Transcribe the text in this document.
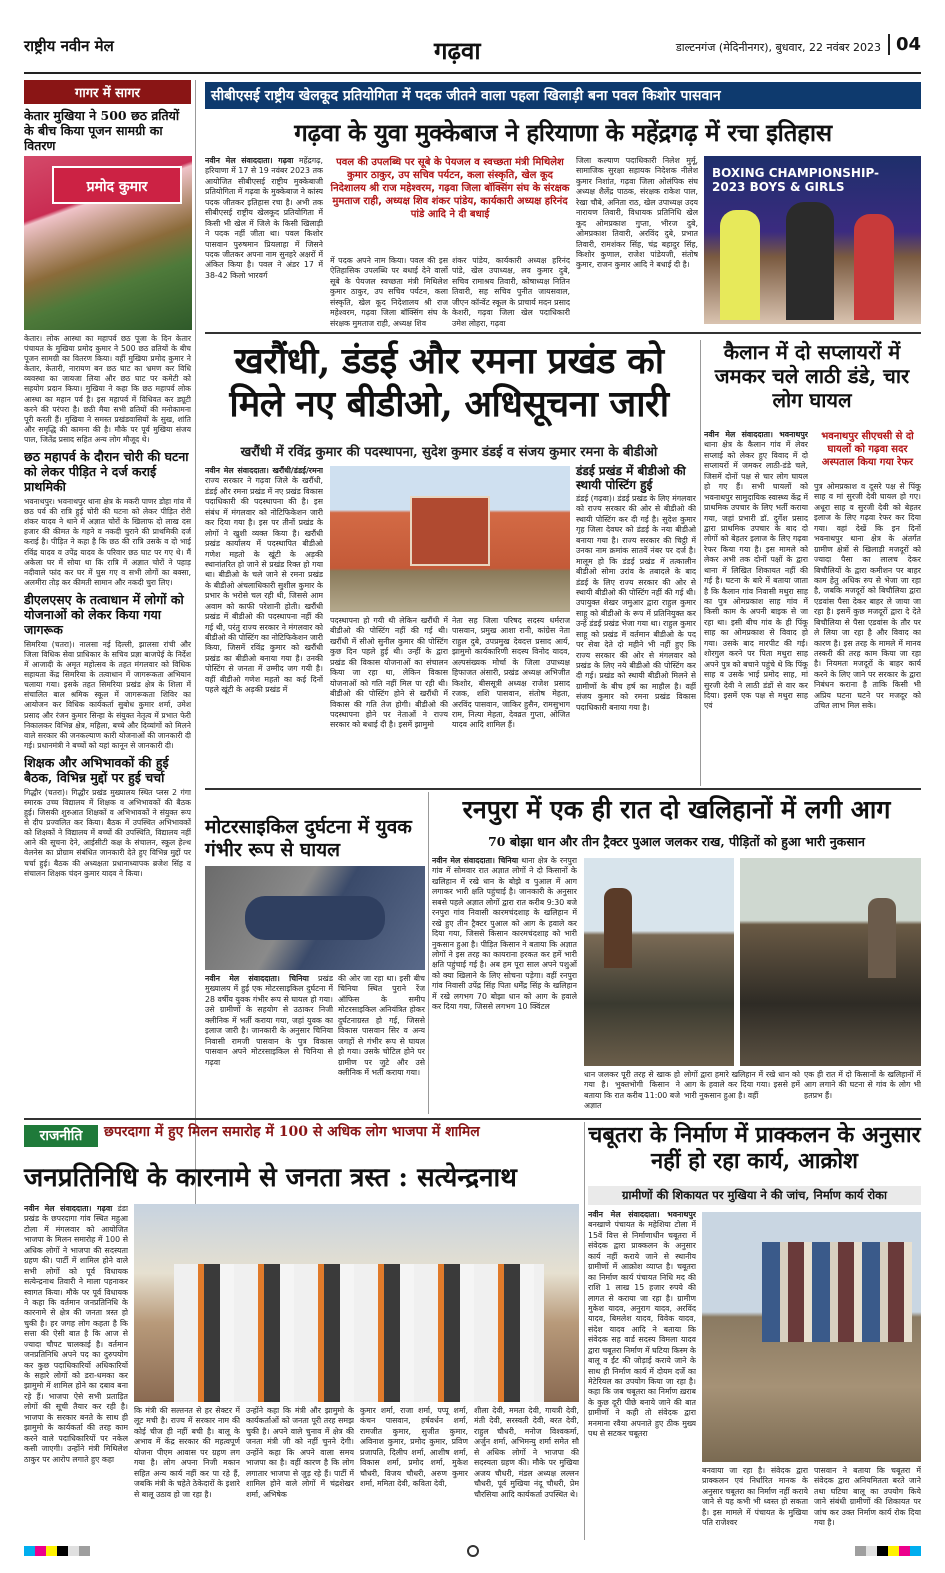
राष्ट्रीय नवीन मेल	गढ़वा	डाल्टनगंज (मेदिनीनगर), बुधवार, 22 नवंबर 2023 04
गागर में सागर
केतार मुखिया ने 500 छठ व्रतियों के बीच किया पूजन सामग्री का वितरण
प्रमोद कुमार
केतार। लोक आस्था का महापर्व छठ पूजा के दिन केतार पंचायत के मुखिया प्रमोद कुमार ने 500 छठ व्रतियों के बीच पूजन सामग्री का वितरण किया। वहीं मुखिया प्रमोद कुमार ने केतार, केतारी, नारायण बन छठ घाट का भ्रमण कर विधि व्यवस्था का जायजा लिया और छठ घाट पर कमेटी को सहयोग प्रदान किया। मुखिया ने कहा कि छठ महापर्व लोक आस्था का महान पर्व है। इस महापर्व में विधिवत कर ड्यूटी करने की परंपरा है। छठी मैया सभी व्रतियों की मनोकामना पूरी करती हैं। मुखिया ने समस्त प्रखंडवासियों के सुख, शांति और समृद्धि की कामना की है। मौके पर पूर्व मुखिया संजय पाल, जितेंद्र प्रसाद सहित अन्य लोग मौजूद थे।
छठ महापर्व के दौरान चोरी की घटना को लेकर पीड़ित ने दर्ज कराई प्राथमिकी
भवनाथपुर। भवनाथपुर थाना क्षेत्र के मकरी पाणर डोहा गांव में छठ पर्व की रात्रि हुई चोरी की घटना को लेकर पीड़ित रोरी शंकर यादव ने थाने में अज्ञात चोरों के खिलाफ दो लाख दस हजार की कीमत के गहने व नकदी चुराने की प्राथमिकी दर्ज कराई है। पीड़ित ने कहा है कि छठ की रात्रि उसके व दो भाई रविंद्र यादव व उपेंद्र यादव के परिवार छठ घाट पर गए थे। मैं अकेला घर में सोया था कि रात्रि में अज्ञात चोरों ने पहाड़ नदीवाले फांद कर घर में घुस गए व सभी लोगों का बक्सा, अलमीरा तोड़ कर कीमती सामान और नकदी चुरा लिए।
डीएलएसए के तत्वाधान में लोगों को योजनाओं को लेकर किया गया जागरूक
सिमरिया (चतरा)। नालसा नई दिल्ली, झालसा रांची और जिला विधिक सेवा प्राधिकार के सचिव प्रज्ञा बाजपेई के निर्देश में आजादी के अमृत महोत्सव के तहत मंगलवार को विधिक सहायता केंद्र सिमरिया के तत्वाधान में जागरूकता अभियान चलाया गया। इसके तहत सिमरिया प्रखंड क्षेत्र के शिला में संचालित बाल श्रमिक स्कूल में जागरूकता शिविर का आयोजन कर विधिक कार्यकर्ता सुबोध कुमार शर्मा, उमेश प्रसाद और रंजन कुमार सिन्हा के संयुक्त नेतृत्व में प्रभात फेरी निकालकर विभिन्न क्षेत्र, महिला, बच्चे और दिव्यांगों को मिलने वाले सरकार की जनकल्याण कारी योजनाओं की जानकारी दी गई। प्रधानमंत्री ने बच्चों को यहां कानून से जानकारी दी।
शिक्षक और अभिभावकों की हुई बैठक, विभिन्न मुद्दों पर हुई चर्चा
गिद्धौर (चतरा)। गिद्धौर प्रखंड मुख्यालय स्थित प्लस 2 गंगा स्मारक उच्च विद्यालय में शिक्षक व अभिभावकों की बैठक हुई। जिसकी शुरुआत शिक्षकों व अभिभावकों ने संयुक्त रूप से दीप प्रज्वलित कर किया। बैठक में उपस्थित अभिभावकों को शिक्षकों ने विद्यालय में बच्चों की उपस्थिति, विद्यालय नहीं आने की सूचना देने, आईसीटी कक्ष के संचालन, स्कूल हेल्थ वेलनेस का प्रोग्राम संबंधित जानकारी देते हुए विभिन्न मुद्दों पर चर्चा हुई। बैठक की अध्यक्षता प्रधानाध्यापक ब्रजेश सिंह व संचालन शिक्षक चंदन कुमार यादव ने किया।
सीबीएसई राष्ट्रीय खेलकूद प्रतियोगिता में पदक जीतने वाला पहला खिलाड़ी बना पवल किशोर पासवान
गढ़वा के युवा मुक्केबाज ने हरियाणा के महेंद्रगढ़ में रचा इतिहास
नवीन मेल संवाददाता। गढ़वा महेंद्रगढ़, हरियाणा में 17 से 19 नवंबर 2023 तक आयोजित सीबीएसई राष्ट्रीय मुक्केबाजी प्रतियोगिता में गढ़वा के मुक्केबाज ने कांस्य पदक जीतकर इतिहास रचा है। अभी तक सीबीएसई राष्ट्रीय खेलकूद प्रतियोगिता में किसी भी खेल में जिले के किसी खिलाड़ी ने पदक नहीं जीता था। पवल किशोर पासवान पुरुषमान प्रियलाहा में जिसने पदक जीतकर अपना नाम सुनहरे अक्षरों में अंकित किया है। पवल ने अंडर 17 में 38-42 किलो भारवर्ग
पवल की उपलब्धि पर सूबे के पेयजल व स्वच्छता मंत्री मिथिलेश कुमार ठाकुर, उप सचिव पर्यटन, कला संस्कृति, खेल कूद निदेशालय श्री राज महेश्वरम, गढ़वा जिला बॉक्सिंग संघ के संरक्षक मुमताज राही, अध्यक्ष शिव शंकर पांडेय, कार्यकारी अध्यक्ष हरिनंद पांडे आदि ने दी बधाई
में पदक अपने नाम किया। पवल की इस ऐतिहासिक उपलब्धि पर बधाई देने वालों सूबे के पेयजल स्वच्छता मंत्री मिथिलेश कुमार ठाकुर, उप सचिव पर्यटन, कला संस्कृति, खेल कूद निदेशालय श्री राज महेश्वरम, गढ़वा जिला बॉक्सिंग संघ के संरक्षक मुमताज राही, अध्यक्ष शिव
शंकर पांडेय, कार्यकारी अध्यक्ष हरिनंद पांडे, खेल उपाध्यक्ष, लव कुमार दुबे, सचिव रामाश्रय तिवारी, कोषाध्यक्ष नितिन तिवारी, सह सचिव पुनीत जायसवाल, जीएन कॉन्वेंट स्कूल के प्राचार्य मदन प्रसाद केशरी, गढ़वा जिला खेल पदाधिकारी उमेश लोहरा, गढ़वा
जिला कल्याण पदाधिकारी निलेश मुर्मू, सामाजिक सुरक्षा सहायक निदेशक नीलेश कुमार निशांत, गढ़वा जिला ओलंपिक संघ अध्यक्ष शैलेंद्र पाठक, संरक्षक राकेश पाल, रेखा चौबे, अनिता राठ, खेल उपाध्यक्ष उदय नारायण तिवारी, विधायक प्रतिनिधि खेल कूद ओमप्रकाश गुप्ता, भीरज दुबे, ओमप्रकाश तिवारी, अरविंद दुबे, प्रभात तिवारी, रामशंकर सिंह, चंद्र बहादुर सिंह, किशोर कुणाल, राजेश पांडेयजी, संतोष कुमार, राजन कुमार आदि ने बधाई दी है।
BOXING CHAMPIONSHIP-2023 BOYS & GIRLS
खरौंधी, डंडई और रमना प्रखंड को मिले नए बीडीओ, अधिसूचना जारी
खरौंधी में रविंद्र कुमार की पदस्थापना, सुदेश कुमार डंडई व संजय कुमार रमना के बीडीओ
नवीन मेल संवाददाता। खरौंधी/डंडई/रमना राज्य सरकार ने गढ़वा जिले के खरौंधी, डंडई और रमना प्रखंड में नए प्रखंड विकास पदाधिकारी की पदस्थापना की है। इस संबंध में मंगलवार को नोटिफिकेशन जारी कर दिया गया है। इस पर तीनों प्रखंड के लोगों ने खुशी व्यक्त किया है। खरौंधी प्रखंड कार्यालय में पदस्थापित बीडीओ गणेश महतो के खूंटी के अड़की स्थानांतरित हो जाने से प्रखंड रिक्त हो गया था। बीडीओ के चले जाने से रमना प्रखंड के बीडीओ अंचलाधिकारी सुशील कुमार के प्रभार के भरोसे चल रही थी, जिससे आम अवाम को काफी परेशानी होती। खरौंधी प्रखंड में बीडीओ की पदस्थापना नहीं की गई थी, परंतु राज्य सरकार ने मंगलवार को बीडीओ की पोस्टिंग का नोटिफिकेशन जारी किया, जिसमें रविंद्र कुमार को खरौंधी प्रखंड का बीडीओ बनाया गया है। उनकी पोस्टिंग से जनता में उम्मीद जग गयी है। वहीं बीडीओ गणेश महतो का कई दिनों पहले खूंटी के अड़की प्रखंड में
पदस्थापना हो गयी थी लेकिन खरौंधी में बीडीओ की पोस्टिंग नहीं की गई थी। खरौंधी में सीओ सुनील कुमार की पोस्टिंग कुछ दिन पहले हुई थी। उन्हीं के द्वारा प्रखंड की विकास योजनाओं का संचालन किया जा रहा था, लेकिन विकास योजनाओं को गति नहीं मिल पा रही थी। बीडीओ की पोस्टिंग होने से खरौंधी में विकास की गति तेज होगी। बीडीओ की पदस्थापना होने पर नेताओं ने राज्य सरकार को बधाई दी है। इसमें झामुमो
नेता सह जिला परिषद सदस्य धर्मराज पासवान, प्रमुख आशा रानी, कांग्रेस नेता राहुल दुबे, उपप्रमुख देवदत्त प्रसाद आर्य, झामुमो कार्यकारिणी सदस्य विनोद यादव, अल्पसंख्यक मोर्चा के जिला उपाध्यक्ष हिफाजत अंसारी, प्रखंड अध्यक्ष अभिजीत किशोर, बीससूत्री अध्यक्ष राजेश प्रसाद रजक, शशि पासवान, संतोष मेहता, अरविंद पासवान, जाकिर हुसैन, रामसुभाग राम, नित्या मेहता, देवव्रत गुप्ता, ओजित यादव आदि शामिल हैं।
डंडई प्रखंड में बीडीओ की स्थायी पोस्टिंग हुई
डंडई (गढ़वा)। डंडई प्रखंड के लिए मंगलवार को राज्य सरकार की ओर से बीडीओ की स्थायी पोस्टिंग कर दी गई है। सुदेश कुमार गृह जिला देवघर को डंडई के नया बीडीओ बनाया गया है। राज्य सरकार की चिट्ठी में उनका नाम क्रमांक सातवें नंबर पर दर्ज है। मालूम हो कि डंडई प्रखंड में तत्कालीन बीडीओ सोमा उरांव के तबादले के बाद डंडई के लिए राज्य सरकार की ओर से स्थायी बीडीओ की पोस्टिंग नहीं की गई थी। उपायुक्त शेखर जमुआर द्वारा राहुल कुमार साहू को बीडीओ के रूप में प्रतिनियुक्त कर उन्हें डंडई प्रखंड भेजा गया था। राहुल कुमार साहू को प्रखंड में वर्तमान बीडीओ के पद पर सेवा देते दो महीने भी नहीं हुए कि राज्य सरकार की ओर से मंगलवार को प्रखंड के लिए नये बीडीओ की पोस्टिंग कर दी गई। प्रखंड को स्थायी बीडीओ मिलने से ग्रामीणों के बीच हर्ष का माहौल है। वहीं संजय कुमार को रमना प्रखंड विकास पदाधिकारी बनाया गया है।
कैलान में दो सप्लायरों में जमकर चले लाठी डंडे, चार लोग घायल
नवीन मेल संवाददाता। भवनाथपुर थाना क्षेत्र के कैलान गांव में लेवर सप्लाई को लेकर हुए विवाद में दो सप्लायरों में जमकर लाठी-डंडे चले, जिसमें दोनों पक्ष से चार लोग घायल हो गए हैं। सभी घायलों को भवनाथपुर सामुदायिक स्वास्थ्य केंद्र में प्राथमिक उपचार के लिए भर्ती कराया गया, जहां प्रभारी डॉ. दुर्गेश प्रसाद द्वारा प्राथमिक उपचार के बाद दो लोगों को बेहतर इलाज के लिए गढ़वा रेफर किया गया है। इस मामले को लेकर अभी तक दोनों पक्षों के द्वारा थाना में लिखित शिकायत नहीं की गई है। घटना के बारे में बताया जाता है कि कैलान गांव निवासी मथुरा साह का पुत्र ओमप्रकाश साह गांव में किसी काम के अपनी बाइक से जा रहा था। इसी बीच गांव के ही पिंकू साह का ओमप्रकाश से विवाद हो गया। उसके बाद मारपीट की गई। शोरगुल करने पर पिता मथुरा साह अपने पुत्र को बचाने पहुंचे थे कि पिंकू साह व उसके भाई प्रमोद साह, मां सुरजी देवी ने लाठी डंडों से वार कर दिया। इसमें एक पक्ष से मथुरा साह एवं
भवनाथपुर सीएचसी से दो घायलों को गढ़वा सदर अस्पताल किया गया रेफर
पुत्र ओमप्रकाश व दूसरे पक्ष से पिंकू साह व मां सुरजी देवी घायल हो गए। अधूरा साह व सुरजी देवी को बेहतर इलाज के लिए गढ़वा रेफर कर दिया गया। वहां देखें कि इन दिनों भवनाथपुर थाना क्षेत्र के अंतर्गत ग्रामीण क्षेत्रों से खिलाड़ी मजदूरों को ज्यादा पैसा का लालच देकर बिचौलियों के द्वारा कमीशन पर बाहर काम हेतु अधिक रुप से भेजा जा रहा है, जबकि मजदूरों को बिचौलिया द्वारा एडवांस पैसा देकर बाहर ले जाया जा रहा है। इसमें कुछ मजदूरों द्वारा दे देते बिचौलिया से पैसा एडवांस के तौर पर ले लिया जा रहा है और विवाद का कारण है। इस तरह के मामले में मानव तस्करी की तरह काम किया जा रहा है। नियमतः मजदूरों के बाहर कार्य करने के लिए जाने पर सरकार के द्वारा निबंधन कराना है ताकि किसी भी अप्रिय घटना घटने पर मजदूर को उचित लाभ मिल सके।
मोटरसाइकिल दुर्घटना में युवक गंभीर रूप से घायल
नवीन मेल संवाददाता। चिनिया प्रखंड मुख्यालय में हुई एक मोटरसाइकिल दुर्घटना में 28 वर्षीय युवक गंभीर रूप से घायल हो गया। उसे ग्रामीणों के सहयोग से उठाकर निजी क्लीनिक में भर्ती कराया गया, जहां युवक का इलाज जारी है। जानकारी के अनुसार चिनिया निवासी रामजी पासवान के पुत्र विकास पासवान अपने मोटरसाइकिल से चिनिया से गढ़वा
की ओर जा रहा था। इसी बीच चिनिया स्थित पुराने रेंज ऑफिस के समीप मोटरसाइकिल अनियंत्रित होकर दुर्घटनाग्रस्त हो गई, जिससे विकास पासवान सिर व अन्य जगहों से गंभीर रूप से घायल हो गया। उसके चोटिल होने पर ग्रामीण पर जुटे और उसे क्लीनिक में भर्ती कराया गया।
रनपुरा में एक ही रात दो खलिहानों में लगी आग
70 बोझा धान और तीन ट्रैक्टर पुआल जलकर राख, पीड़ितों को हुआ भारी नुकसान
नवीन मेल संवाददाता। चिनिया थाना क्षेत्र के रनपुरा गांव में सोमवार रात अज्ञात लोगों ने दो किसानों के खलिहान में रखे धान के बोझे व पुआल में आग लगाकर भारी क्षति पहुंचाई है। जानकारी के अनुसार सबसे पहले अज्ञात लोगों द्वारा रात करीब 9:30 बजे रनपुरा गांव निवासी कारमचंदशाह के खलिहान में रखे हुए तीन ट्रैक्टर पुआल को आग के हवाले कर दिया गया, जिससे किसान कारमचंदशाह को भारी नुकसान हुआ है। पीड़ित किसान ने बताया कि अज्ञात लोगों ने इस तरह का कायराना हरकत कर हमें भारी क्षति पहुंचाई गई है। अब हम पूरा साल अपने पशुओं को क्या खिलाने के लिए सोचना पड़ेगा। वहीं रनपुरा गांव निवासी उपेंद्र सिंह पिता धर्मेंद्र सिंह के खलिहान में रखे लगभग 70 बोझा धान को आग के हवाले कर दिया गया, जिससे लगभग 10 क्विंटल
धान जलकर पूरी तरह से खाक हो गया है। भुक्तभोगी किसान ने बताया कि रात करीब 11:00 बजे अज्ञात
लोगों द्वारा हमारे खलिहान में रखे धान को आग के हवाले कर दिया गया। इससे हमें भारी नुकसान हुआ है। वहीं
एक ही रात में दो किसानों के खलिहानों में आग लगाने की घटना से गांव के लोग भी हतप्रभ हैं।
राजनीति	छपरदागा में हुए मिलन समारोह में 100 से अधिक लोग भाजपा में शामिल
जनप्रतिनिधि के कारनामे से जनता त्रस्त : सत्येन्द्रनाथ
नवीन मेल संवाददाता। गढ़वा डंडा प्रखंड के छपरदागा गांव स्थित महुआ टोला में मंगलवार को आयोजित भाजपा के मिलन समारोह में 100 से अधिक लोगों ने भाजपा की सदस्यता ग्रहण की। पार्टी में शामिल होने वाले सभी लोगों को पूर्व विधायक सत्येन्द्रनाथ तिवारी ने माला पहनाकर स्वागत किया। मौके पर पूर्व विधायक ने कहा कि वर्तमान जनप्रतिनिधि के कारनामे से क्षेत्र की जनता त्रस्त हो चुकी है। हर जगह लोग कहता है कि सत्ता की ऐसी बात है कि आज से ज्यादा चौपट चालकाई है। वर्तमान जनप्रतिनिधि अपने पद का दुरुपयोग कर कुछ पदाधिकारियों अधिकारियों के सहारे लोगों को डरा-धमका कर झामुमो में शामिल होने का दबाव बना रहे हैं। भाजपा ऐसे सभी प्रताड़ित लोगों की सूची तैयार कर रही है। भाजपा के सरकार बनते के साथ ही झामुमो के कार्यकर्ता की तरह काम करने वाले पदाधिकारियों पर नकेल कसी जाएगी। उन्होंने मंत्री मिथिलेश ठाकुर पर आरोप लगाते हुए कहा
कि मंत्री की सल्तनत से हर सेक्टर में लूट मची है। राज्य में सरकार नाम की कोई चीज ही नहीं बची है। बालू के अभाव में केंद्र सरकार की महत्वपूर्ण योजना पीएम आवास पर ग्रहण लग गया है। लोग अपना निजी मकान सहित अन्य कार्य नहीं कर पा रहे हैं, जबकि मंत्री के चहेते ठेकेदारों के इशारे से बालू उठाव हो जा रहा है।
उन्होंने कहा कि मंत्री और झामुमो के कार्यकर्ताओं को जनता पूरी तरह समझ चुकी है। अपने वाले चुनाव में क्षेत्र की जनता मंत्री जी को नहीं चुनने देगी। उन्होंने कहा कि अपने वाला समय भाजपा का है। वहीं कारण है कि लोग लगातार भाजपा से जुड़ रहे हैं। पार्टी में शामिल होने वाले लोगों में चंद्रशेखर शर्मा, अभिषेक
कुमार शर्मा, राजा शर्मा, पप्पू शर्मा, कंचन पासवान, हर्षवर्धन शर्मा, रामजीत कुमार, सुजीत कुमार, अविनाश कुमार, प्रमोद कुमार, प्रविण प्रजापति, दिलीप शर्मा, आशीष शर्मा, विकास शर्मा, प्रमोद शर्मा, मुकेश चौधरी, विजय चौधरी, अरुण कुमार शर्मा, ममिता देवी, कविता देवी,
शीला देवी, ममता देवी, गायत्री देवी, मंती देवी, सरस्वती देवी, बरत देवी, राहुल चौधरी, मनोज विश्वकर्मा, अर्जुन शर्मा, अभिमन्यु शर्मा समेत सौ से अधिक लोगों ने भाजपा की सदस्यता ग्रहण की। मौके पर मुखिया अजय चौधरी, मंडल अध्यक्ष लल्लन चौधरी, पूर्व मुखिया नंदू चौधरी, प्रेम चौरसिया आदि कार्यकर्ता उपस्थित थे।
चबूतरा के निर्माण में प्राक्कलन के अनुसार नहीं हो रहा कार्य, आक्रोश
ग्रामीणों की शिकायत पर मुखिया ने की जांच, निर्माण कार्य रोका
नवीन मेल संवाददाता। भवनाथपुर बनखाणे पंचायत के महेशिया टोला में 15वें वित्त से निर्माणाधीन चबूतरा में संवेदक द्वारा प्राक्कलन के अनुसार कार्य नहीं कराये जाने से स्थानीय ग्रामीणों में आक्रोश व्याप्त है। चबूतरा का निर्माण कार्य पंचायत निधि मद की राशि 1 लाख 15 हजार रुपये की लागत से कराया जा रहा है। ग्रामीण मुकेश यादव, अनुराग यादव, अरविंद यादव, बिमलेश यादव, विवेक यादव, संदेश यादव आदि ने बताया कि संवेदक सह वार्ड सदस्य विमला यादव द्वारा चबूतरा निर्माण में घटिया किस्म के बालू व ईंट की जोड़ाई कराये जाने के साथ ही निर्माण कार्य में दोयम दर्जे का मेटेरियल का उपयोग किया जा रहा है। कहा कि जब चबूतरा का निर्माण ख़राब के कुछ दूरी पीछे बनाये जाने की बात ग्रामीणों ने कही तो संवेदक द्वारा मनमाना रवैया अपनाते हुए ठीक मुख्य पथ से सटकर चबूतरा
बनवाया जा रहा है। संवेदक द्वारा प्राक्कलन एवं निर्धारित मानक के अनुसार चबूतरा का निर्माण नहीं कराये जाने से यह कभी भी ध्वस्त हो सकता है। इस मामले में पंचायत के मुखिया पति राजेश्वर
पासवान ने बताया कि चबूतरा में संवेदक द्वारा अनियमितता बरते जाने तथा घटिया बालू का उपयोग किये जाने संबंधी ग्रामीणों की शिकायत पर जांच कर उक्त निर्माण कार्य रोक दिया गया है।
